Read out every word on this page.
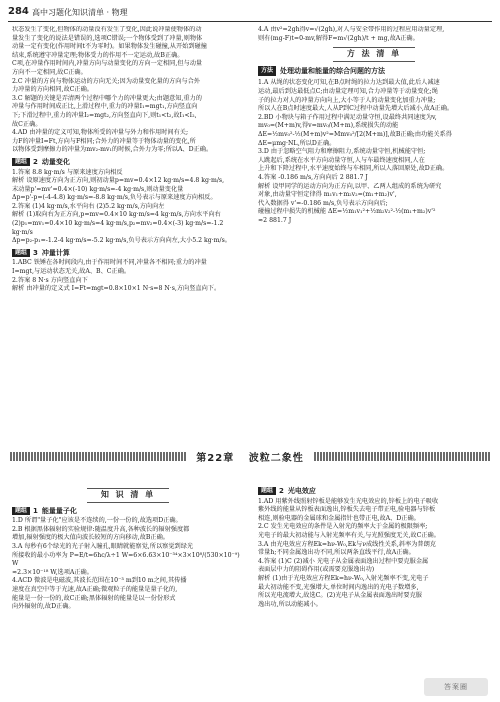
284 高中习题化知识清单 · 物理

状态发生了变化,但物体的动量没有发生了变化,因此说冲量使物体的动

量发生了变化的说法是错误的,选项C错误;一个物体受到了冲量,则物体

动量一定有变化(作用时间t不为零时)。如果物体发生碰撞,从开始到碰撞

结束,系统遵守冲量定理;物体受力的作用不一定运动,故B正确。

C项,在冲量作用时间内,冲量方向与动量变化的方向一定相同,但与动量

方向不一定相同,故C正确。

2.C 冲量的方向与物体运动的方向无关;因为动量变化量的方向与合外

力冲量的方向相同,故C正确。

3.C 解题的关键是弄清两个过程中哪个力的冲量更大;由题意知,重力的

冲量与作用时间成正比,上滑过程中,重力的冲量I₁=mgt₁,方向竖直向

下;下滑过程中,重力的冲量I₂=mgt₂,方向竖直向下,则t₁<t₂,故I₁<I₂,

故C正确。

4.AD 由冲量的定义可知,物体所受的冲量与外力和作用时间有关;

力F的冲量I=Ft,方向与F相同;合外力的冲量等于物体动量的变化,所

以物体受到摩擦力的冲量为mv₂-mv₁的时候,合外力为零;所以A、D正确。

题组 2 动量变化

1.答案 8.8 kg·m/s 与原来速度方向相反

解析 设原速度方向为正方向,则初动量p=mv=0.4×12 kg·m/s=4.8 kg·m/s,

末动量p'=mv'=0.4×(-10) kg·m/s=-4 kg·m/s,则动量变化量

Δp=p'-p=(-4-4.8) kg·m/s=-8.8 kg·m/s,负号表示与原来速度方向相反。

2.答案 (1)4 kg·m/s,水平向右 (2)5.2 kg·m/s,方向向左

解析 (1)取向右为正方向,p=mv=0.4×10 kg·m/s=4 kg·m/s,方向水平向右

(2)p₁=mv₁=0.4×10 kg·m/s=4 kg·m/s,p₂=mv₂=0.4×(-3) kg·m/s=-1.2 kg·m/s

Δp=p₂-p₁=-1.2-4 kg·m/s=-5.2 kg·m/s,负号表示方向向左,大小5.2 kg·m/s。

题组 3 冲量计算

1.ABC 铁锤在各时间段内,由于作用时间不同,冲量各不相同;重力的冲量

I=mgt,与运动状态无关,故A、B、C正确。

2.答案 8 N·s 方向竖直向下

解析 由冲量的定义式 I=Ft=mgt=0.8×10×1 N·s=8 N·s,方向竖直向下。

4.A 由v²=2gh得v=√(2gh),对人与安全带作用的过程应用动量定理,

则有(mg-F)t=0-mv,解得F=m√(2gh)/t + mg,故A正确。

方 法 清 单
方法	处理动量和能量的综合问题的方法

1.A 从绳的状态变化可知,在B点时绳的拉力达到最大值,此后人减速

运动,最后到达最低点C;由动量定理可知,合力冲量等于动量变化;绳

子的拉力对人的冲量方向向上,大小等于人的动量变化加重力冲量;

所以人在B点时速度最大,人从P到C过程中动量先增大后减小,故A正确。

2.BD 小物块与箱子作用过程中满足动量守恒,设最终共同速度为v,

mv₀=(M+m)v,得v=mv₀/(M+m),系统损失的动能

ΔE=½mv₀²-½(M+m)v²=Mmv₀²/[2(M+m)],故B正确;由功能关系得

ΔE=μmg·NL,所以D正确。

3.D 由于忽略空气阻力和摩擦阻力,系统动量守恒,机械能守恒;

人跳起后,系统在水平方向动量守恒,人与车最终速度相同,人在

上升和下降过程中,水平速度始终与车相同,所以人落回原处,故D正确。

4.答案 -0.186 m/s,方向向后 2 881.7 J

解析 设甲同学的运动方向为正方向,以甲、乙两人组成的系统为研究

对象,由动量守恒定律得 m₁v₁+m₂v₂=(m₁+m₂)v',

代入数据得 v'=-0.186 m/s,负号表示方向向后;

碰撞过程中损失的机械能 ΔE=½m₁v₁²+½m₂v₂²-½(m₁+m₂)v'²

≈2 881.7 J

第22章 波粒二象性
知 识 清 单
题组 1 能量量子化

1.D 所谓"量子化"应该是不连续的,一份一份的,故选项D正确。

2.B 根据黑体辐射的实验规律:随温度升高,各种波长的辐射强度都

增加,辐射强度的极大值向波长较短的方向移动,故B正确。

3.A 每秒有6个绿光的光子射入瞳孔,眼睛就能察觉,所以察觉到绿光

所接收的最小功率为 P=E/t=6hc/λ÷1 W=6×6.63×10⁻³⁴×3×10⁸/(530×10⁻⁹) W

≈2.3×10⁻¹⁸ W,选项A正确。

4.ACD 微波是电磁波,其波长范围在10⁻³ m到10 m之间,其传播

速度在真空中等于光速,故A正确;微观粒子的能量是量子化的,

能量是一份一份的,故C正确;黑体辐射的能量是以一份份形式

向外辐射的,故D正确。

题组 2 光电效应

1.AD 用紫外线照射锌板是能够发生光电效应的,锌板上的电子吸收

紫外线的能量从锌板表面逸出,锌板失去电子带正电,验电器与锌板

相连,则验电器的金属球和金属指针也带正电,故A、D正确。

2.C 发生光电效应的条件是入射光的频率大于金属的极限频率;

光电子的最大初动能与入射光频率有关,与光照强度无关,故C正确。

3.A 由光电效应方程Ek=hν-W₀,Ek与ν成线性关系,斜率为普朗克

常量h;不同金属逸出功不同,所以两条直线平行,故A正确。

4.答案 (1)C (2)减小 光电子从金属表面逸出过程中要克服金属

表面层中力的阻碍作用(或需要克服逸出功)

解析 (1)由于光电效应方程Ek=hν-W₀,入射光频率不变,光电子

最大初动能不变,光强增大,单位时间内逸出的光电子数增多,

所以光电流增大,故选C。(2)光电子从金属表面逸出时要克服

逸出功,所以动能减小。

答案圈
